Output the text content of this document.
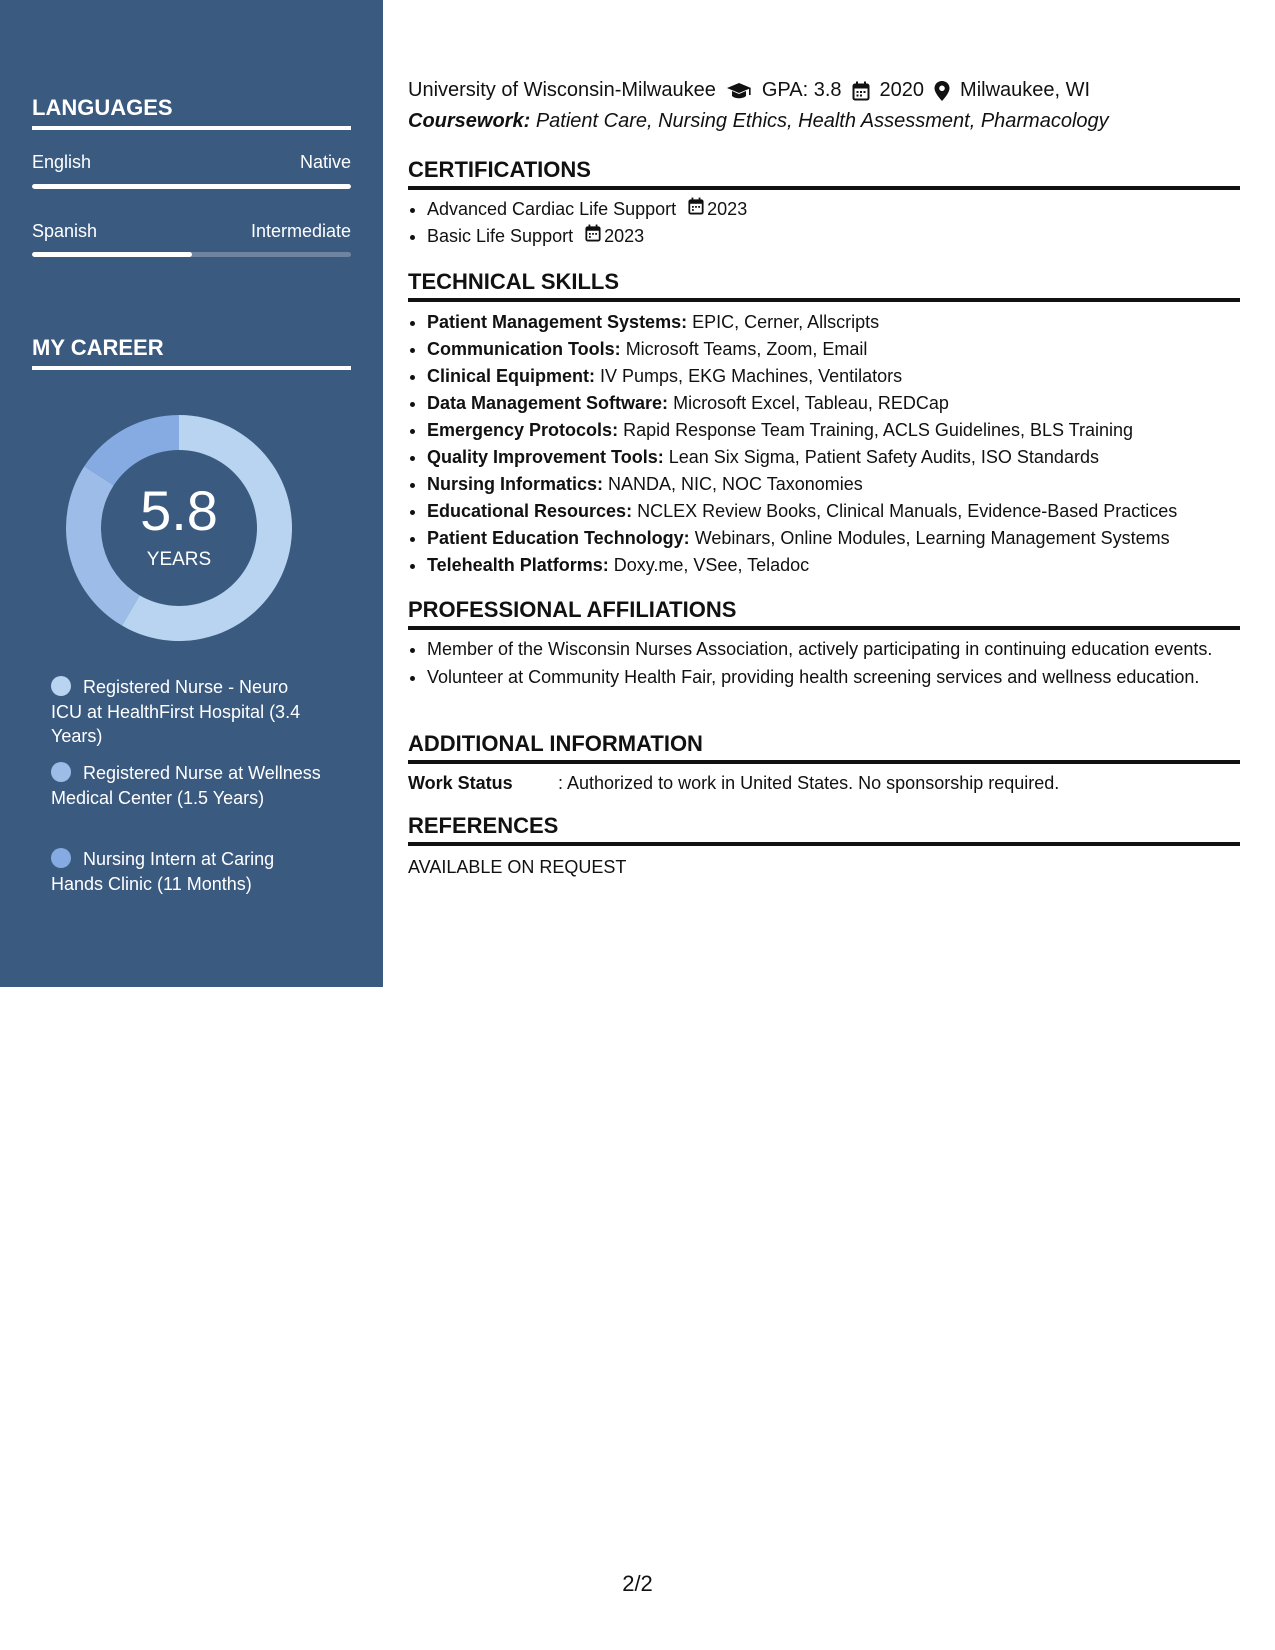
LANGUAGES
English	Native
Spanish	Intermediate
MY CAREER
5.8
YEARS
Registered Nurse - Neuro ICU at HealthFirst Hospital (3.4 Years)
Registered Nurse at Wellness Medical Center (1.5 Years)
Nursing Intern at Caring Hands Clinic (11 Months)
University of Wisconsin-Milwaukee GPA: 3.8 2020 Milwaukee, WI
Coursework: Patient Care, Nursing Ethics, Health Assessment, Pharmacology
CERTIFICATIONS
• Advanced Cardiac Life Support 2023
• Basic Life Support 2023
TECHNICAL SKILLS
• Patient Management Systems: EPIC, Cerner, Allscripts
• Communication Tools: Microsoft Teams, Zoom, Email
• Clinical Equipment: IV Pumps, EKG Machines, Ventilators
• Data Management Software: Microsoft Excel, Tableau, REDCap
• Emergency Protocols: Rapid Response Team Training, ACLS Guidelines, BLS Training
• Quality Improvement Tools: Lean Six Sigma, Patient Safety Audits, ISO Standards
• Nursing Informatics: NANDA, NIC, NOC Taxonomies
• Educational Resources: NCLEX Review Books, Clinical Manuals, Evidence-Based Practices
• Patient Education Technology: Webinars, Online Modules, Learning Management Systems
• Telehealth Platforms: Doxy.me, VSee, Teladoc
PROFESSIONAL AFFILIATIONS
• Member of the Wisconsin Nurses Association, actively participating in continuing education events.
• Volunteer at Community Health Fair, providing health screening services and wellness education.
ADDITIONAL INFORMATION
Work Status	: Authorized to work in United States. No sponsorship required.
REFERENCES
AVAILABLE ON REQUEST
2/2
